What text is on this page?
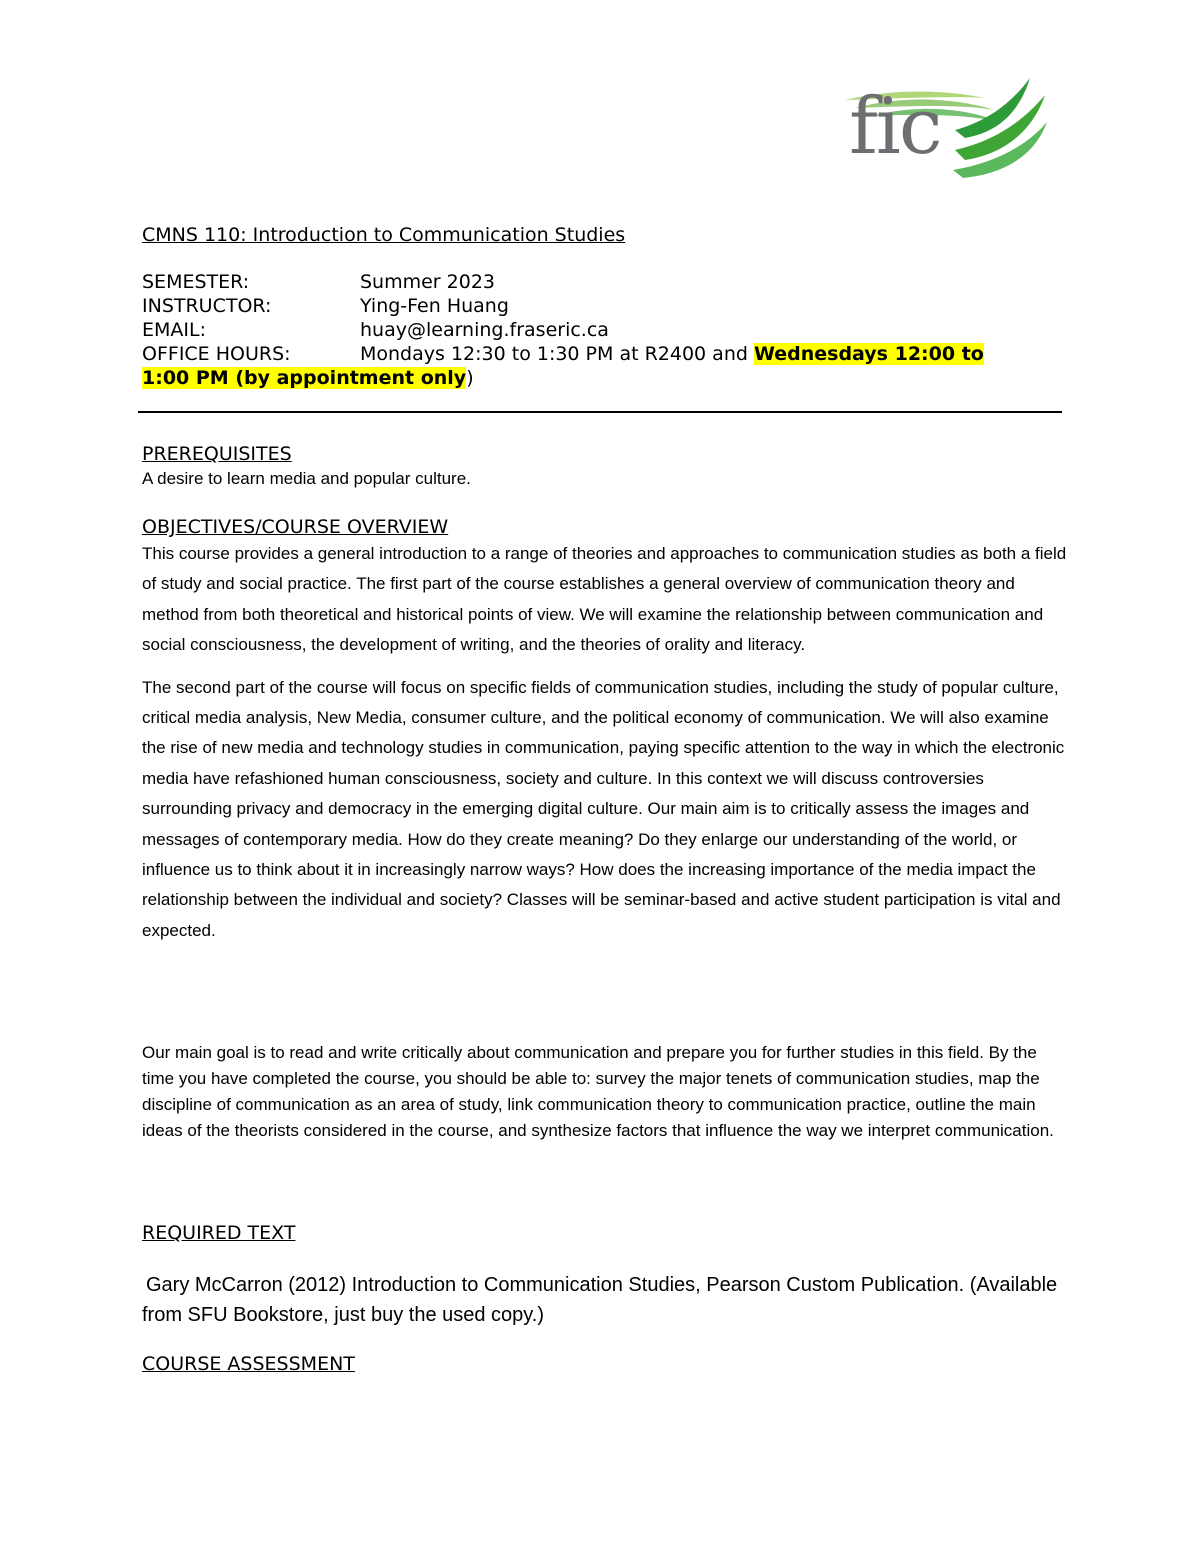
fic
CMNS 110: Introduction to Communication Studies
SEMESTER:	Summer 2023
INSTRUCTOR:	Ying-Fen Huang
EMAIL:	huay@learning.fraseric.ca
OFFICE HOURS:	Mondays 12:30 to 1:30 PM at R2400 and Wednesdays 12:00 to
1:00 PM (by appointment only)
PREREQUISITES
A desire to learn media and popular culture.
OBJECTIVES/COURSE OVERVIEW
This course provides a general introduction to a range of theories and approaches to communication studies as both a field of study and social practice. The first part of the course establishes a general overview of communication theory and method from both theoretical and historical points of view. We will examine the relationship between communication and social consciousness, the development of writing, and the theories of orality and literacy.
The second part of the course will focus on specific fields of communication studies, including the study of popular culture, critical media analysis, New Media, consumer culture, and the political economy of communication. We will also examine the rise of new media and technology studies in communication, paying specific attention to the way in which the electronic media have refashioned human consciousness, society and culture. In this context we will discuss controversies surrounding privacy and democracy in the emerging digital culture. Our main aim is to critically assess the images and messages of contemporary media. How do they create meaning? Do they enlarge our understanding of the world, or influence us to think about it in increasingly narrow ways? How does the increasing importance of the media impact the relationship between the individual and society? Classes will be seminar-based and active student participation is vital and expected.
Our main goal is to read and write critically about communication and prepare you for further studies in this field. By the time you have completed the course, you should be able to: survey the major tenets of communication studies, map the discipline of communication as an area of study, link communication theory to communication practice, outline the main ideas of the theorists considered in the course, and synthesize factors that influence the way we interpret communication.
REQUIRED TEXT
Gary McCarron (2012) Introduction to Communication Studies, Pearson Custom Publication. (Available from SFU Bookstore, just buy the used copy.)
COURSE ASSESSMENT
